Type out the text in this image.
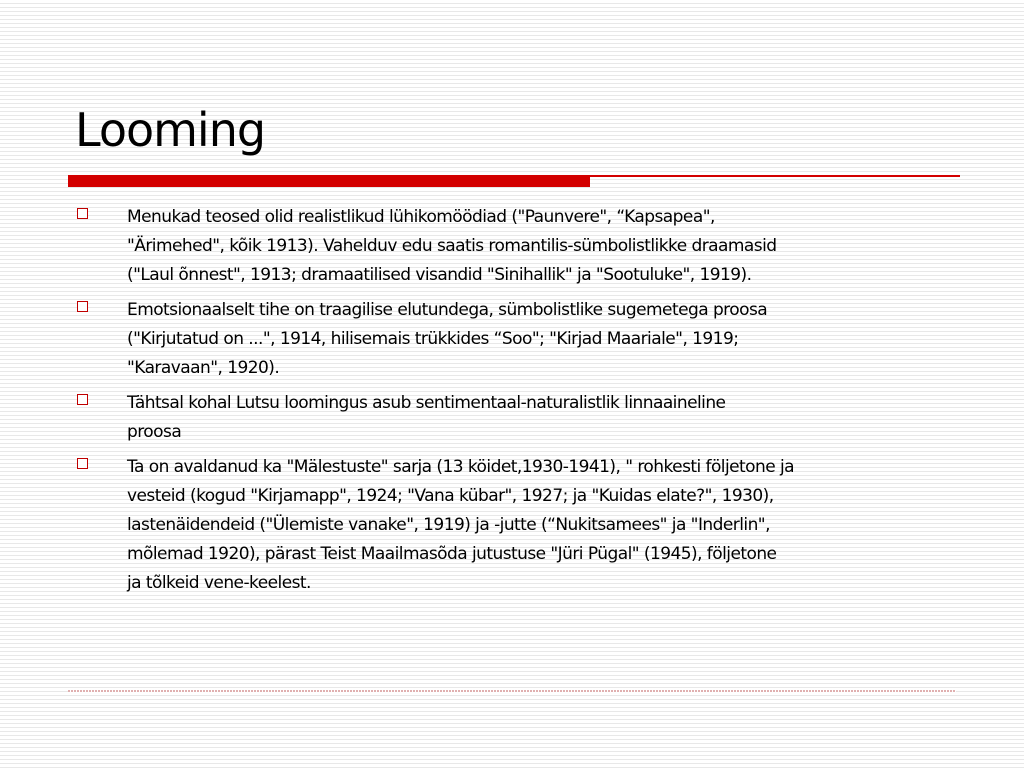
Looming
Menukad teosed olid realistlikud lühikomöödiad ("Paunvere", “Kapsapea",
"Ärimehed", kõik 1913). Vahelduv edu saatis romantilis-sümbolistlikke draamasid
("Laul õnnest", 1913; dramaatilised visandid "Sinihallik" ja "Sootuluke", 1919).
Emotsionaalselt tihe on traagilise elutundega, sümbolistlike sugemetega proosa
("Kirjutatud on ...", 1914, hilisemais trükkides “Soo"; "Kirjad Maariale", 1919;
"Karavaan", 1920).
Tähtsal kohal Lutsu loomingus asub sentimentaal-naturalistlik linnaaineline
proosa
Ta on avaldanud ka "Mälestuste" sarja (13 köidet,1930-1941), " rohkesti följetone ja
vesteid (kogud "Kirjamapp", 1924; "Vana kübar", 1927; ja "Kuidas elate?", 1930),
lastenäidendeid ("Ülemiste vanake", 1919) ja -jutte (“Nukitsamees" ja "Inderlin",
mõlemad 1920), pärast Teist Maailmasõda jutustuse "Jüri Pügal" (1945), följetone
ja tõlkeid vene-keelest.
